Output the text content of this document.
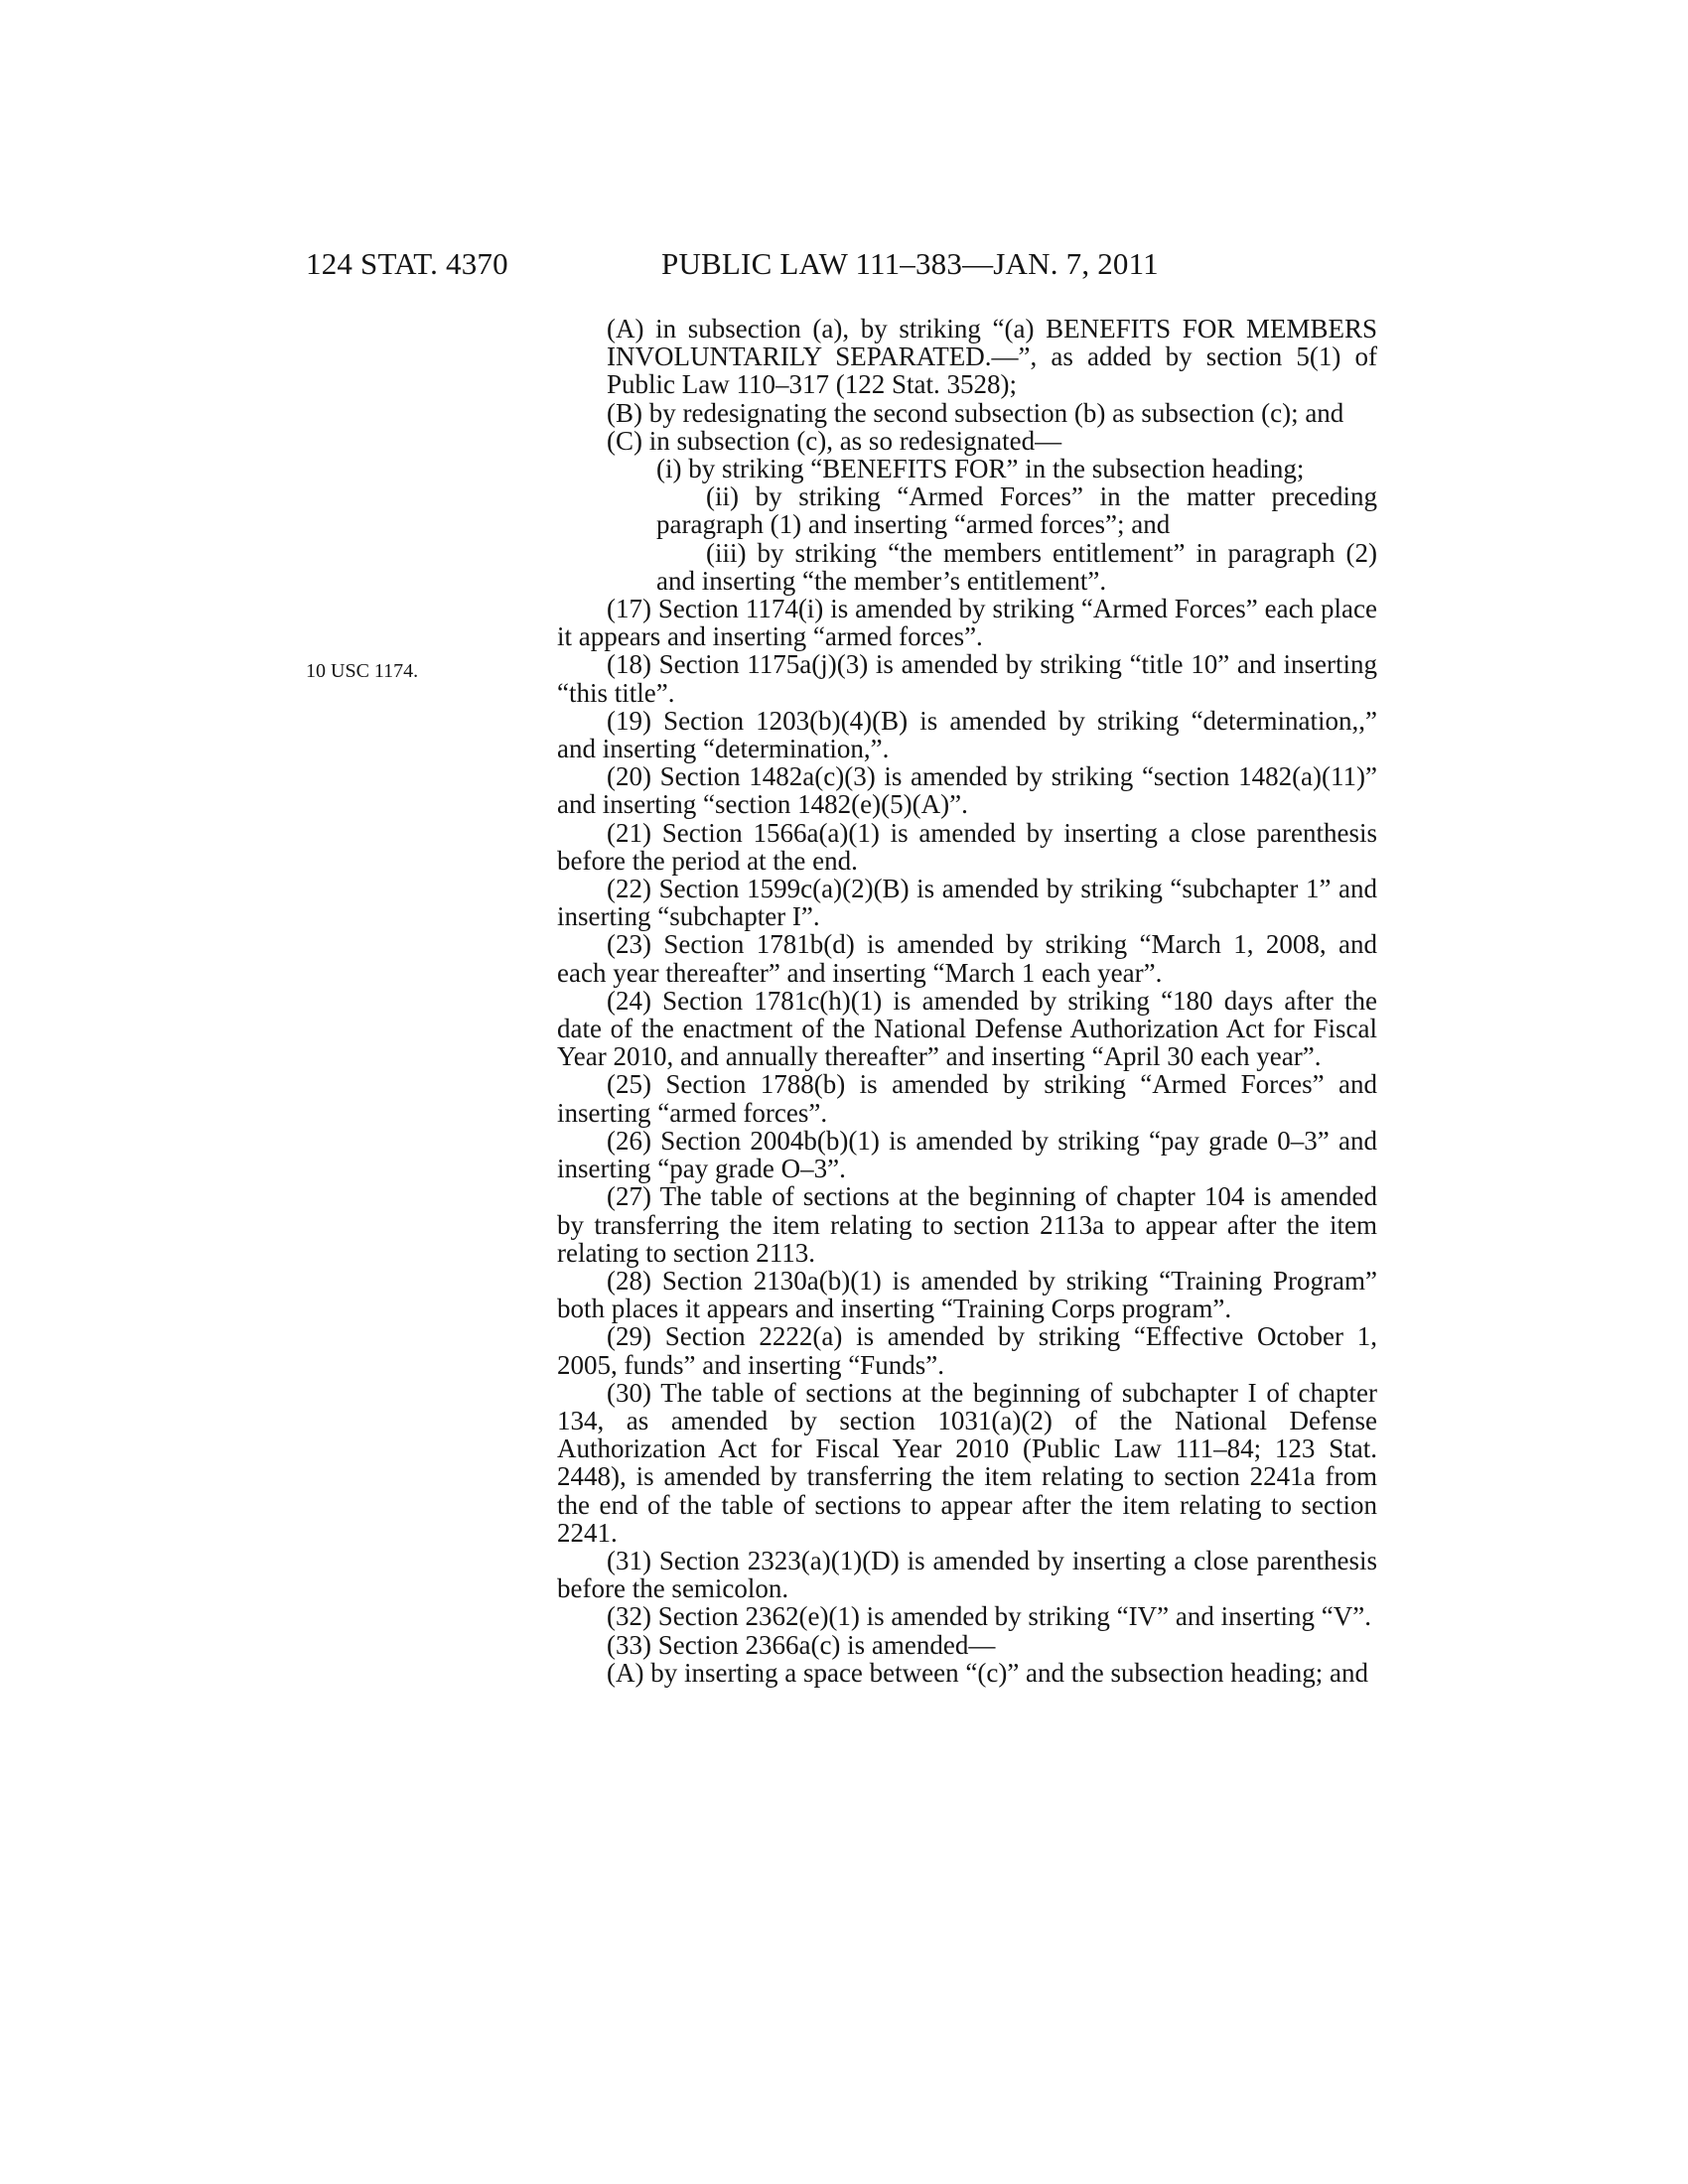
124 STAT. 4370	PUBLIC LAW 111–383—JAN. 7, 2011
10 USC 1174.
(A) in subsection (a), by striking “(a) BENEFITS FOR MEMBERS INVOLUNTARILY SEPARATED.—”, as added by section 5(1) of Public Law 110–317 (122 Stat. 3528);
(B) by redesignating the second subsection (b) as subsection (c); and
(C) in subsection (c), as so redesignated—
(i) by striking “BENEFITS FOR” in the subsection heading;
(ii) by striking “Armed Forces” in the matter preceding paragraph (1) and inserting “armed forces”; and
(iii) by striking “the members entitlement” in paragraph (2) and inserting “the member’s entitlement”.
(17) Section 1174(i) is amended by striking “Armed Forces” each place it appears and inserting “armed forces”.
(18) Section 1175a(j)(3) is amended by striking “title 10” and inserting “this title”.
(19) Section 1203(b)(4)(B) is amended by striking “determination,,” and inserting “determination,”.
(20) Section 1482a(c)(3) is amended by striking “section 1482(a)(11)” and inserting “section 1482(e)(5)(A)”.
(21) Section 1566a(a)(1) is amended by inserting a close parenthesis before the period at the end.
(22) Section 1599c(a)(2)(B) is amended by striking “subchapter 1” and inserting “subchapter I”.
(23) Section 1781b(d) is amended by striking “March 1, 2008, and each year thereafter” and inserting “March 1 each year”.
(24) Section 1781c(h)(1) is amended by striking “180 days after the date of the enactment of the National Defense Authorization Act for Fiscal Year 2010, and annually thereafter” and inserting “April 30 each year”.
(25) Section 1788(b) is amended by striking “Armed Forces” and inserting “armed forces”.
(26) Section 2004b(b)(1) is amended by striking “pay grade 0–3” and inserting “pay grade O–3”.
(27) The table of sections at the beginning of chapter 104 is amended by transferring the item relating to section 2113a to appear after the item relating to section 2113.
(28) Section 2130a(b)(1) is amended by striking “Training Program” both places it appears and inserting “Training Corps program”.
(29) Section 2222(a) is amended by striking “Effective October 1, 2005, funds” and inserting “Funds”.
(30) The table of sections at the beginning of subchapter I of chapter 134, as amended by section 1031(a)(2) of the National Defense Authorization Act for Fiscal Year 2010 (Public Law 111–84; 123 Stat. 2448), is amended by transferring the item relating to section 2241a from the end of the table of sections to appear after the item relating to section 2241.
(31) Section 2323(a)(1)(D) is amended by inserting a close parenthesis before the semicolon.
(32) Section 2362(e)(1) is amended by striking “IV” and inserting “V”.
(33) Section 2366a(c) is amended—
(A) by inserting a space between “(c)” and the subsection heading; and
